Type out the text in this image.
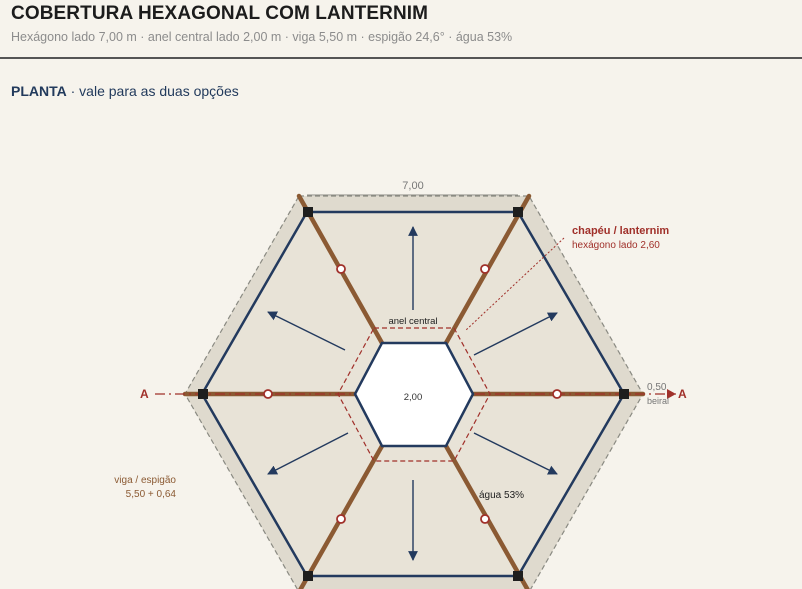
COBERTURA HEXAGONAL COM LANTERNIM
Hexágono lado 7,00 m · anel central lado 2,00 m · viga 5,50 m · espigão 24,6° · água 53%
PLANTA · vale para as duas opções
7,00
chapéu / lanternim
hexágono lado 2,60
anel central
2,00
A	A
0,50
beiral
viga / espigão
5,50 + 0,64	água 53%
